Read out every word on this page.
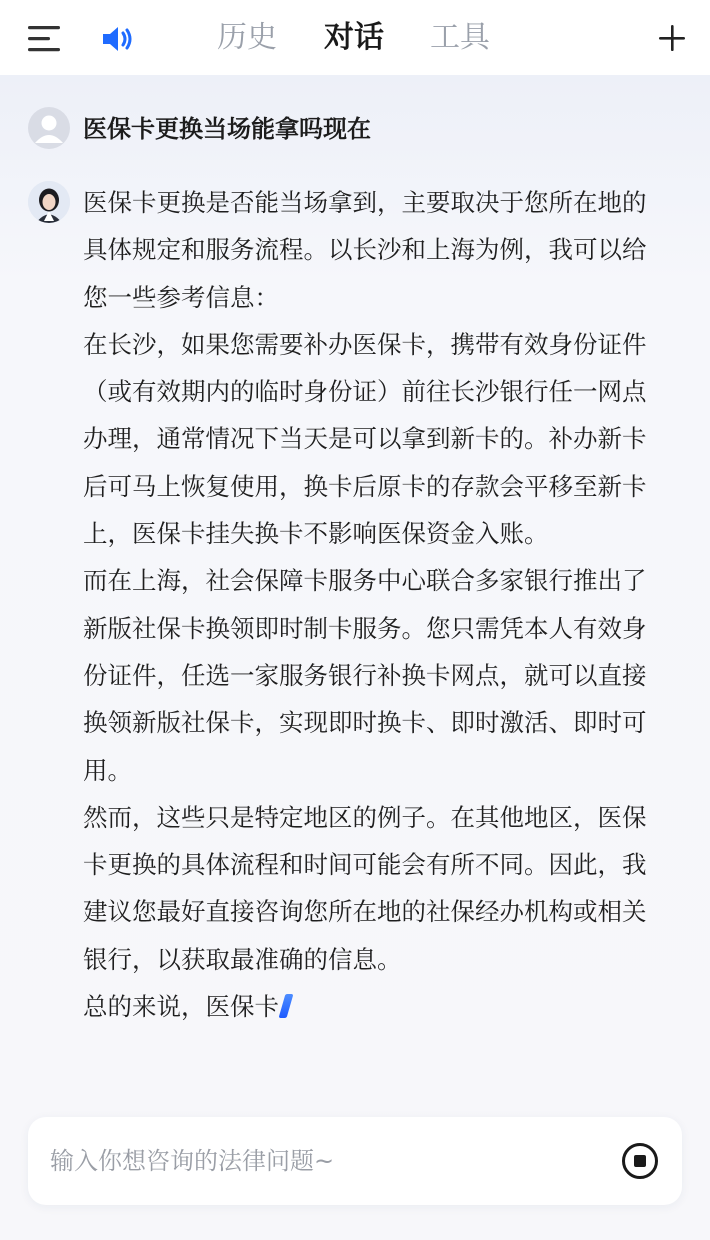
历史 对话 工具
医保卡更换当场能拿吗现在

医保卡更换是否能当场拿到，主要取决于您所在地的具体规定和服务流程。以长沙和上海为例，我可以给您一些参考信息：

在长沙，如果您需要补办医保卡，携带有效身份证件（或有效期内的临时身份证）前往长沙银行任一网点办理，通常情况下当天是可以拿到新卡的。补办新卡后可马上恢复使用，换卡后原卡的存款会平移至新卡上，医保卡挂失换卡不影响医保资金入账。

而在上海，社会保障卡服务中心联合多家银行推出了新版社保卡换领即时制卡服务。您只需凭本人有效身份证件，任选一家服务银行补换卡网点，就可以直接换领新版社保卡，实现即时换卡、即时激活、即时可用。

然而，这些只是特定地区的例子。在其他地区，医保卡更换的具体流程和时间可能会有所不同。因此，我建议您最好直接咨询您所在地的社保经办机构或相关银行，以获取最准确的信息。

总的来说，医保卡

输入你想咨询的法律问题~
